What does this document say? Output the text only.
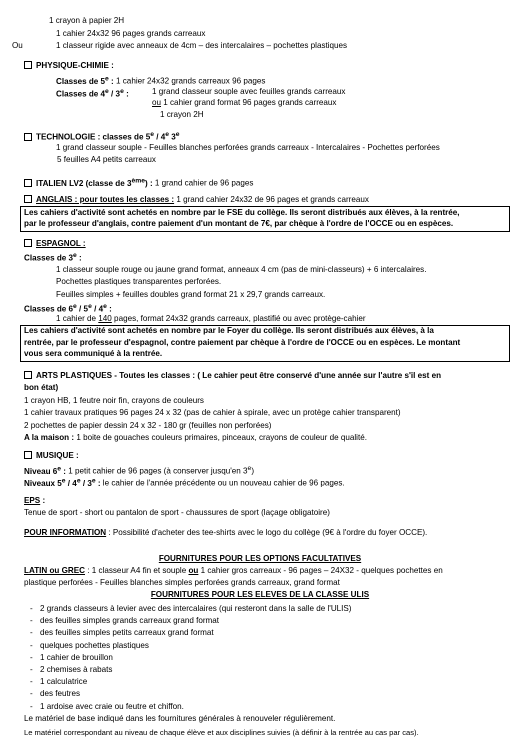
1 crayon à papier 2H
1 cahier 24x32 96 pages grands carreaux
Ou	1 classeur rigide avec anneaux de 4cm – des intercalaires – pochettes plastiques
PHYSIQUE-CHIMIE :
Classes de 5e : 1 cahier 24x32 grands carreaux 96 pages
Classes de 4e / 3e :	1 grand classeur souple avec feuilles grands carreaux
ou 1 cahier grand format 96 pages grands carreaux
1 crayon 2H
TECHNOLOGIE : classes de 5e / 4e 3e
1 grand classeur souple - Feuilles blanches perforées grands carreaux - Intercalaires - Pochettes perforées
5 feuilles A4 petits carreaux
ITALIEN LV2 (classe de 3ème) : 1 grand cahier de 96 pages
ANGLAIS : pour toutes les classes : 1 grand cahier 24x32 de 96 pages et grands carreaux
Les cahiers d'activité sont achetés en nombre par le FSE du collège. Ils seront distribués aux élèves, à la rentrée,
par le professeur d'anglais, contre paiement d'un montant de 7€, par chèque à l'ordre de l'OCCE ou en espèces.
ESPAGNOL :
Classes de 3e :
1 classeur souple rouge ou jaune grand format, anneaux 4 cm (pas de mini-classeurs) + 6 intercalaires.
Pochettes plastiques transparentes perforées.
Feuilles simples + feuilles doubles grand format 21 x 29,7 grands carreaux.
Classes de 6e / 5e / 4e :
1 cahier de 140 pages, format 24x32 grands carreaux, plastifié ou avec protège-cahier
Les cahiers d'activité sont achetés en nombre par le Foyer du collège. Ils seront distribués aux élèves, à la
rentrée, par le professeur d'espagnol, contre paiement par chèque à l'ordre de l'OCCE ou en espèces. Le montant
vous sera communiqué à la rentrée.
ARTS PLASTIQUES - Toutes les classes : ( Le cahier peut être conservé d'une année sur l'autre s'il est en
bon état)
1 crayon HB, 1 feutre noir fin, crayons de couleurs
1 cahier travaux pratiques 96 pages 24 x 32 (pas de cahier à spirale, avec un protège cahier transparent)
2 pochettes de papier dessin 24 x 32 - 180 gr (feuilles non perforées)
A la maison : 1 boite de gouaches couleurs primaires, pinceaux, crayons de couleur de qualité.
MUSIQUE :
Niveau 6e : 1 petit cahier de 96 pages (à conserver jusqu'en 3e)
Niveaux 5e / 4e / 3e : le cahier de l'année précédente ou un nouveau cahier de 96 pages.
EPS :
Tenue de sport - short ou pantalon de sport - chaussures de sport (laçage obligatoire)
POUR INFORMATION : Possibilité d'acheter des tee-shirts avec le logo du collège (9€ à l'ordre du foyer OCCE).
FOURNITURES POUR LES OPTIONS FACULTATIVES
LATIN ou GREC : 1 classeur A4 fin et souple ou 1 cahier gros carreaux - 96 pages – 24X32 - quelques pochettes en
plastique perforées - Feuilles blanches simples perforées grands carreaux, grand format
FOURNITURES POUR LES ELEVES DE LA CLASSE ULIS
- 2 grands classeurs à levier avec des intercalaires (qui resteront dans la salle de l'ULIS)
- des feuilles simples grands carreaux grand format
- des feuilles simples petits carreaux grand format
- quelques pochettes plastiques
- 1 cahier de brouillon
- 2 chemises à rabats
- 1 calculatrice
- des feutres
- 1 ardoise avec craie ou feutre et chiffon.
Le matériel de base indiqué dans les fournitures générales à renouveler régulièrement.
Le matériel correspondant au niveau de chaque élève et aux disciplines suivies (à définir à la rentrée au cas par cas).
